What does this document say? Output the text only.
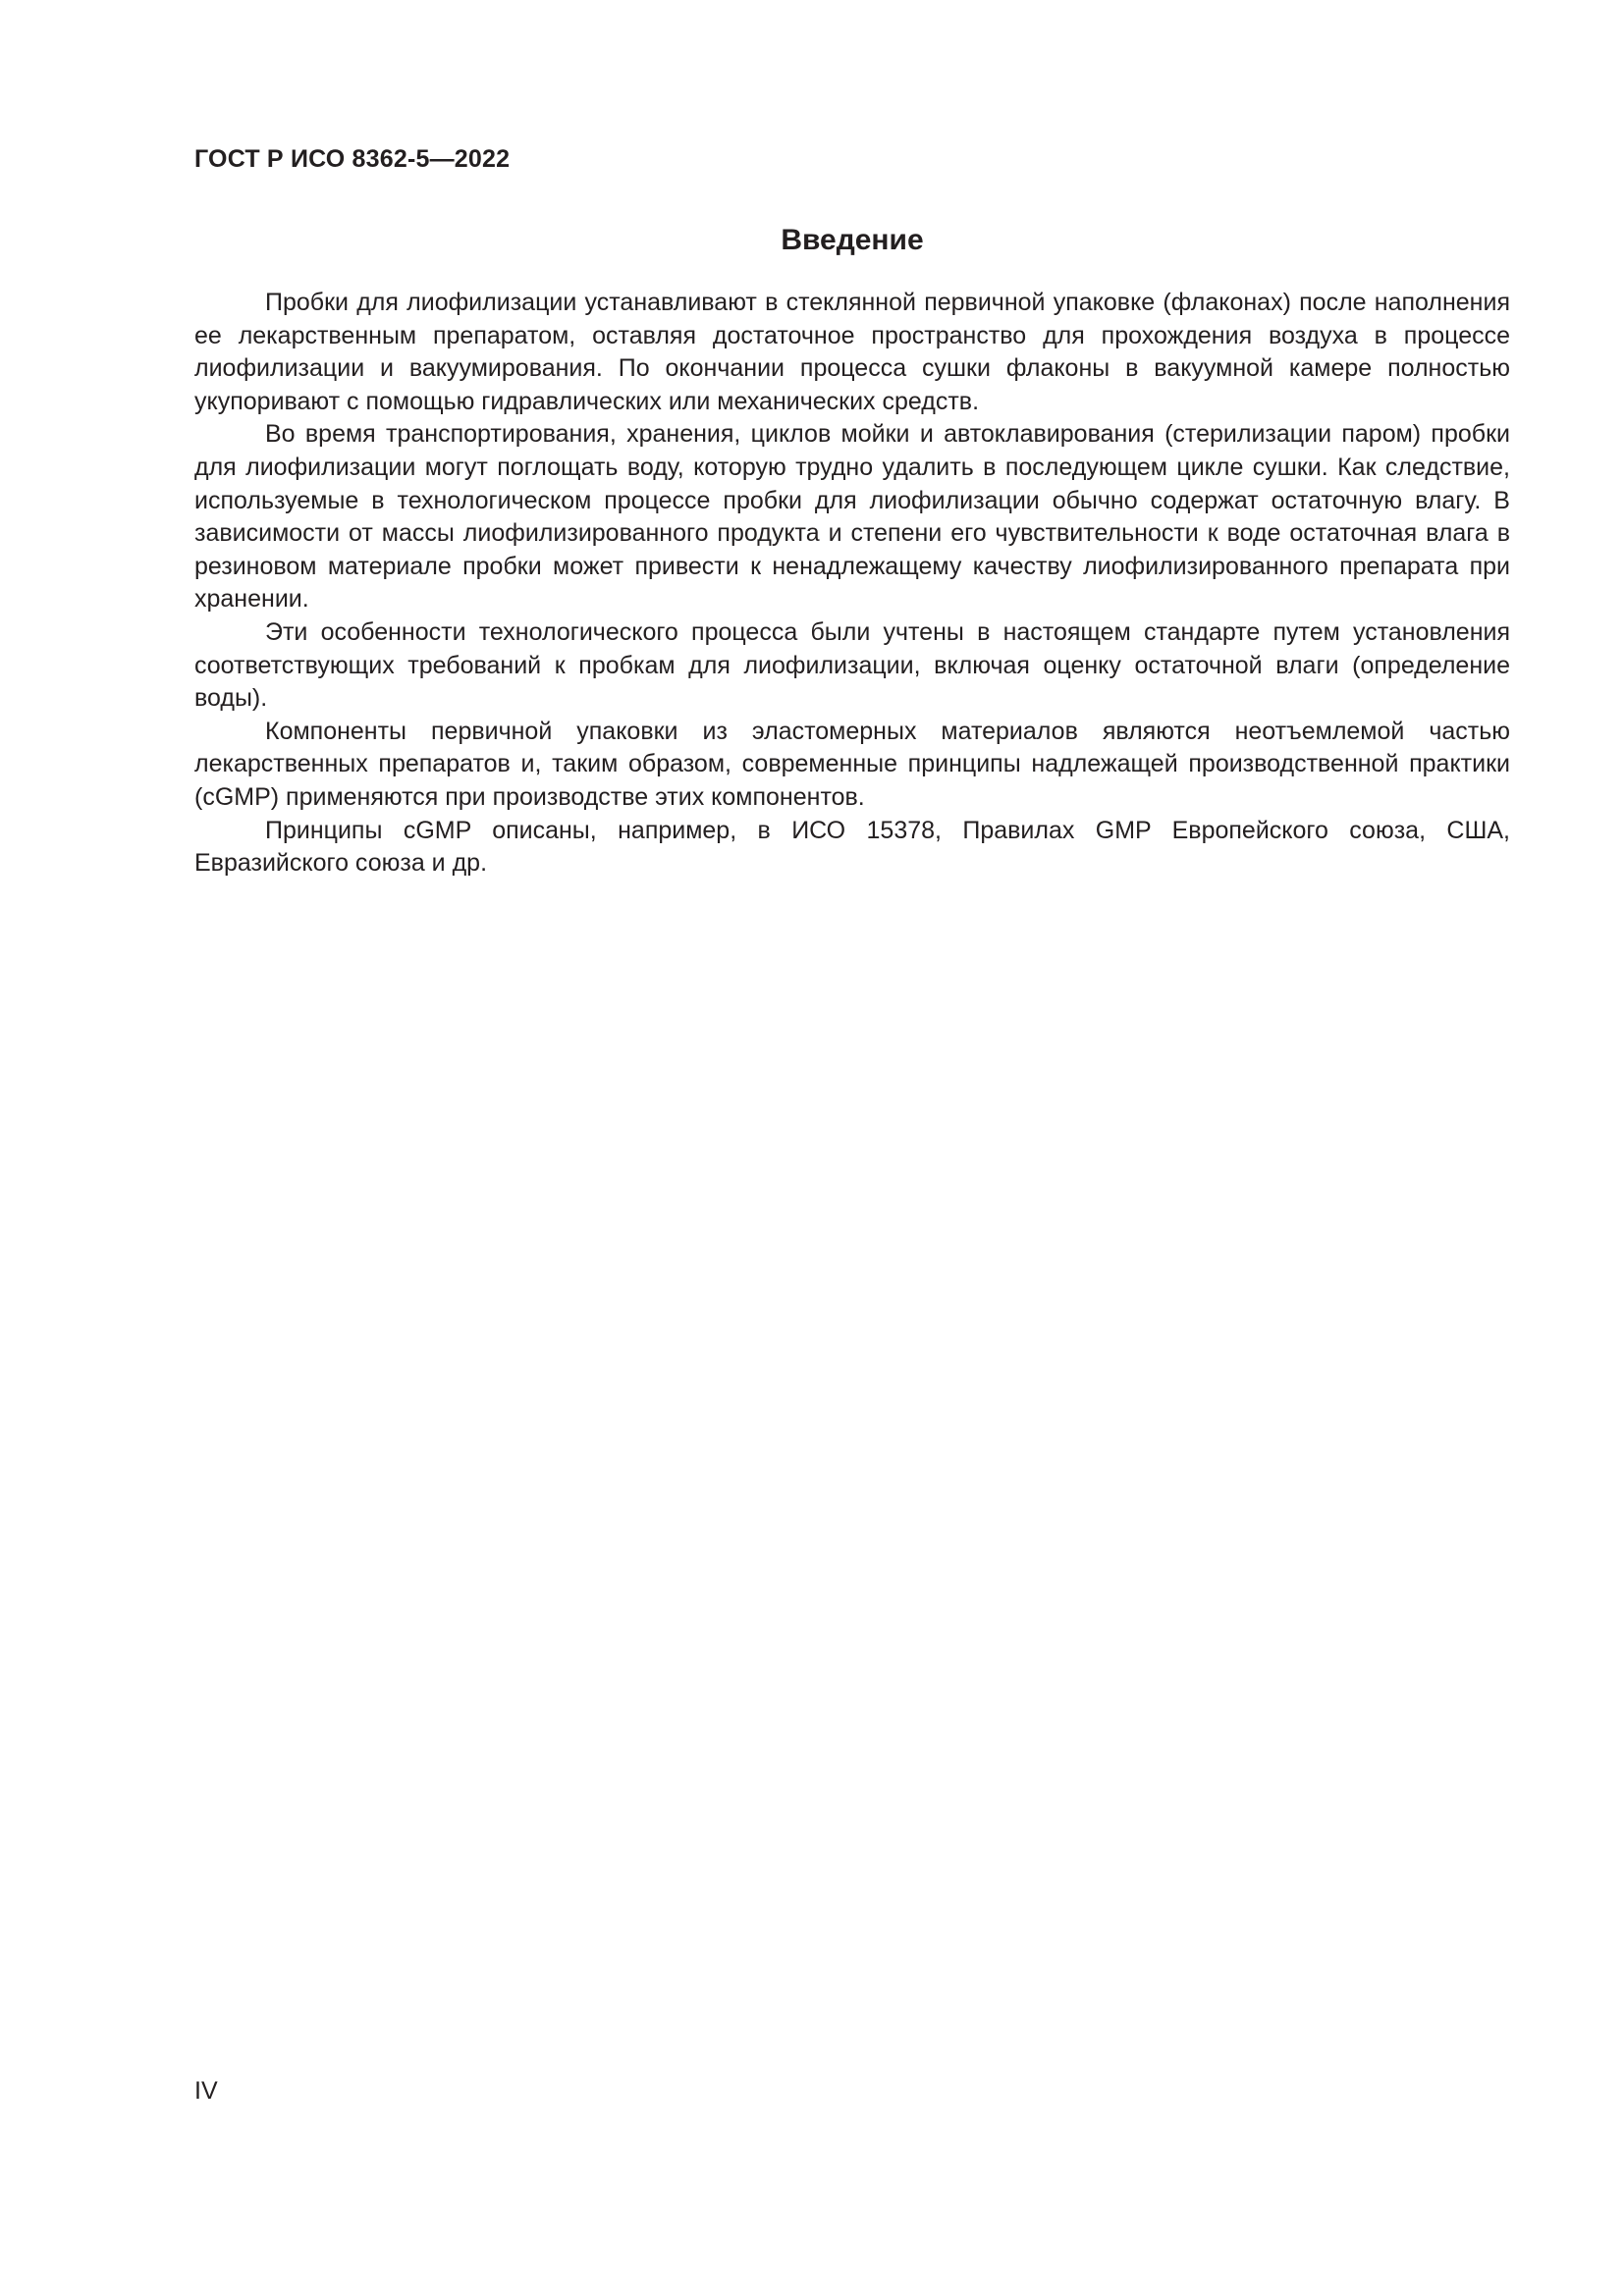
ГОСТ Р ИСО 8362-5—2022
Введение

Пробки для лиофилизации устанавливают в стеклянной первичной упаковке (флаконах) после наполнения ее лекарственным препаратом, оставляя достаточное пространство для прохождения воздуха в процессе лиофилизации и вакуумирования. По окончании процесса сушки флаконы в вакуумной камере полностью укупоривают с помощью гидравлических или механических средств.

Во время транспортирования, хранения, циклов мойки и автоклавирования (стерилизации паром) пробки для лиофилизации могут поглощать воду, которую трудно удалить в последующем цикле сушки. Как следствие, используемые в технологическом процессе пробки для лиофилизации обычно содержат остаточную влагу. В зависимости от массы лиофилизированного продукта и степени его чувствительности к воде остаточная влага в резиновом материале пробки может привести к ненадлежащему качеству лиофилизированного препарата при хранении.

Эти особенности технологического процесса были учтены в настоящем стандарте путем установления соответствующих требований к пробкам для лиофилизации, включая оценку остаточной влаги (определение воды).

Компоненты первичной упаковки из эластомерных материалов являются неотъемлемой частью лекарственных препаратов и, таким образом, современные принципы надлежащей производственной практики (cGMP) применяются при производстве этих компонентов.

Принципы cGMP описаны, например, в ИСО 15378, Правилах GMP Европейского союза, США, Евразийского союза и др.

IV
